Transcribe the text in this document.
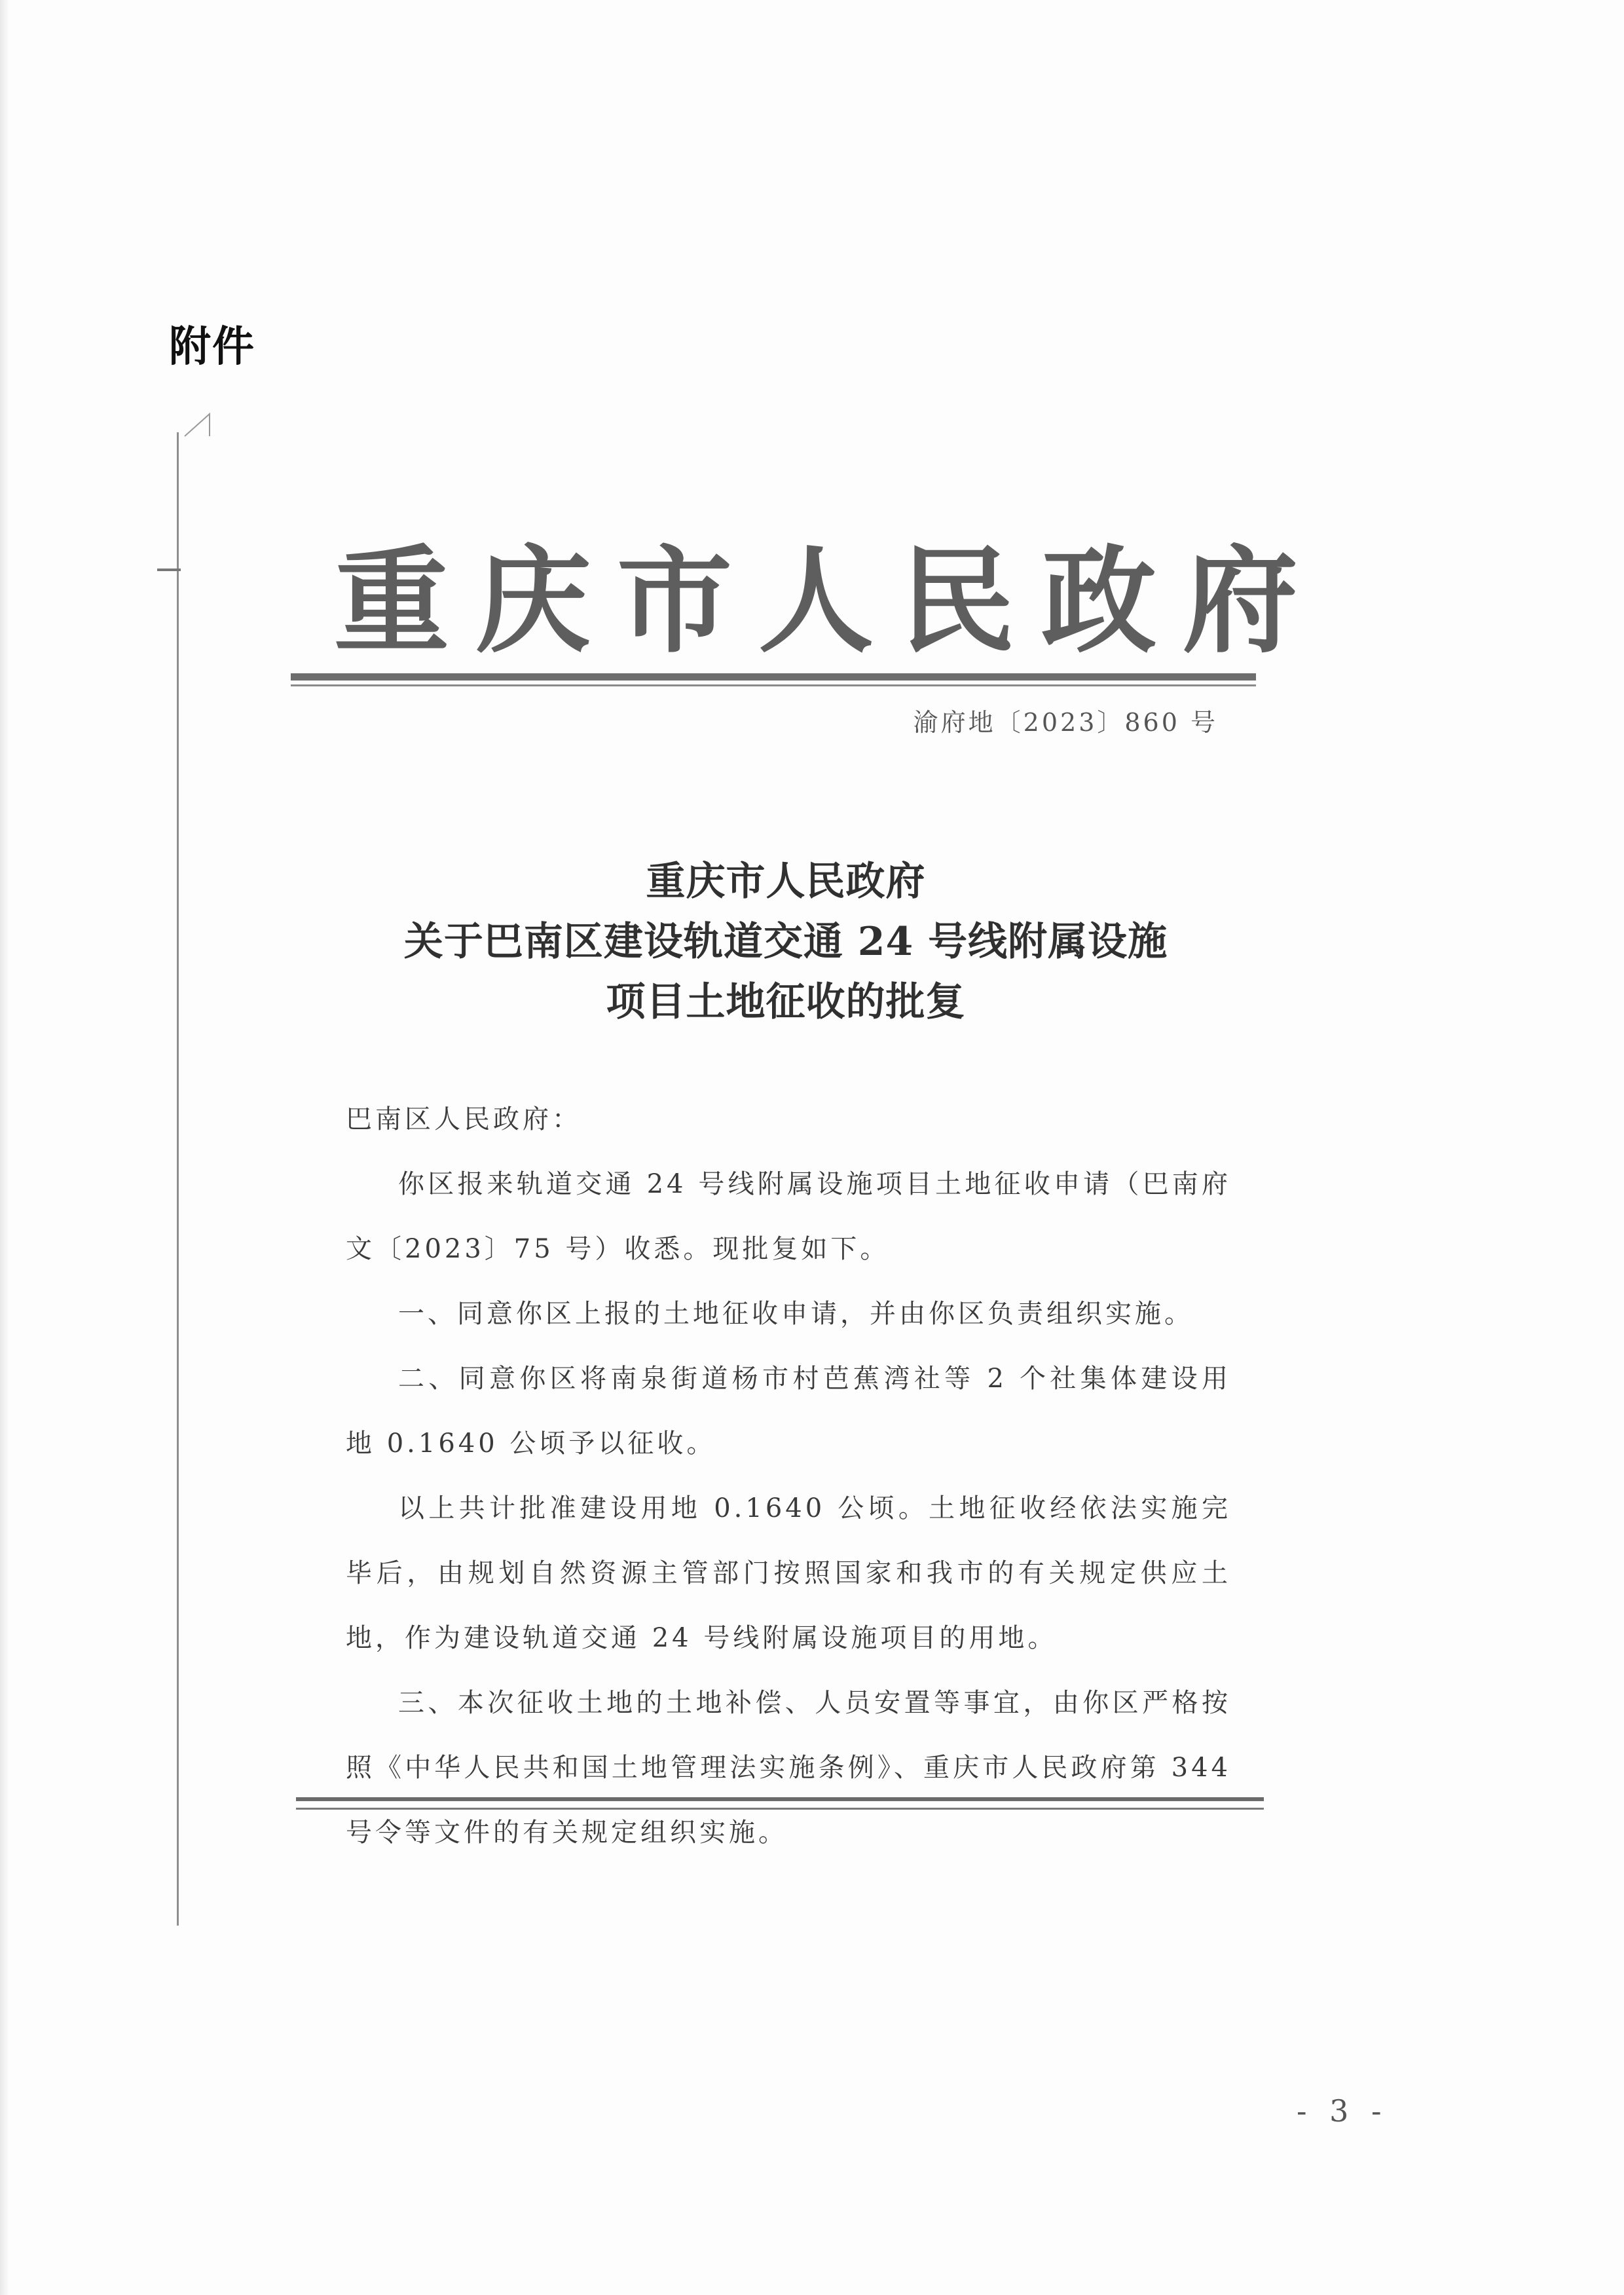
附件
重庆市人民政府
渝府地〔2023〕860 号
重庆市人民政府
关于巴南区建设轨道交通 24 号线附属设施
项目土地征收的批复

巴南区人民政府：

你区报来轨道交通 24 号线附属设施项目土地征收申请（巴南府文〔2023〕75 号）收悉。现批复如下。

一、同意你区上报的土地征收申请，并由你区负责组织实施。

二、同意你区将南泉街道杨市村芭蕉湾社等 2 个社集体建设用地 0.1640 公顷予以征收。

以上共计批准建设用地 0.1640 公顷。土地征收经依法实施完毕后，由规划自然资源主管部门按照国家和我市的有关规定供应土地，作为建设轨道交通 24 号线附属设施项目的用地。

三、本次征收土地的土地补偿、人员安置等事宜，由你区严格按照《中华人民共和国土地管理法实施条例》、重庆市人民政府第 344 号令等文件的有关规定组织实施。

- 3 -
